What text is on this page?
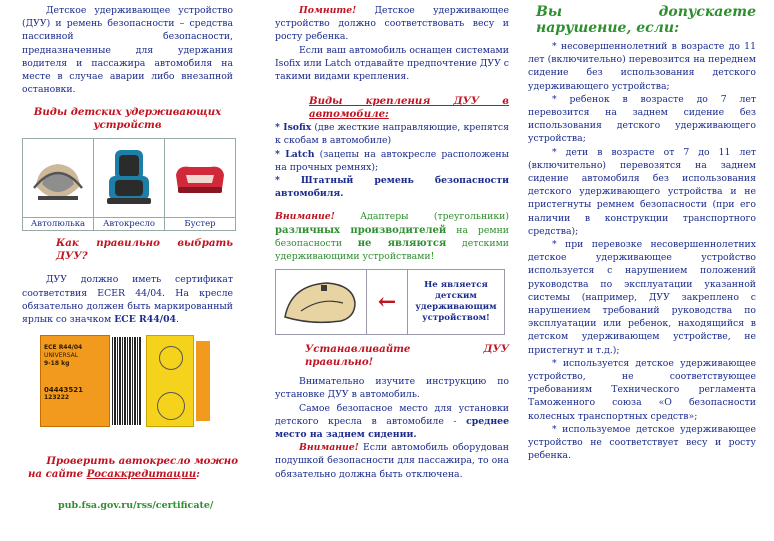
Детское удерживающее устройство (ДУУ) и ремень безопасности – средства пассивной безопасности, предназначенные для удержания водителя и пассажира автомобиля на месте в случае аварии либо внезапной остановки.

Виды детских удерживающих устройств

Автолюлька	Автокресло	Бустер

Как правильно выбрать ДУУ?

ДУУ должно иметь сертификат соответствия ECER 44/04. На кресле обязательно должен быть маркированный ярлык со значком ECE R44/04.

ECE R44/04
UNIVERSAL
9-18 kg
04443521
123222

Проверить автокресло можно

на сайте Росаккредитации:

pub.fsa.gov.ru/rss/certificate/

Помните! Детское удерживающее устройство должно соответствовать весу и росту ребенка.

Если ваш автомобиль оснащен системами Isofix или Latch отдавайте предпочтение ДУУ с такими видами крепления.

Виды крепления ДУУ в автомобиле:

* Isofix (две жесткие направляющие, крепятся к скобам в автомобиле)

* Latch (зацепы на автокресле расположены на прочных ремнях);

* Штатный ремень безопасности автомобиля.

Внимание! Адаптеры (треугольники) различных производителей на ремни безопасности не являются детскими удерживающими устройствами!

←
Не является детским удерживающим устройством!

Устанавливайте ДУУ правильно!

Внимательно изучите инструкцию по установке ДУУ в автомобиль.

Самое безопасное место для установки детского кресла в автомобиле - среднее место на заднем сидении.

Внимание! Если автомобиль оборудован подушкой безопасности для пассажира, то она обязательно должна быть отключена.

Вы допускаете нарушение, если:

* несовершеннолетний в возрасте до 11 лет (включительно) перевозится на переднем сидение без использования детского удерживающего устройства;

* ребенок в возрасте до 7 лет перевозится на заднем сидение без использования детского удерживающего устройства;

* дети в возрасте от 7 до 11 лет (включительно) перевозятся на заднем сидение автомобиля без использования детского удерживающего устройства и не пристегнуты ремнем безопасности (при его наличии в конструкции транспортного средства);

* при перевозке несовершеннолетних детское удерживающее устройство используется с нарушением положений руководства по эксплуатации указанной системы (например, ДУУ закреплено с нарушением требований руководства по эксплуатации или ребенок, находящийся в детском удерживающем устройстве, не пристегнут и т.д.);

* используется детское удерживающее устройство, не соответствующее требованиям Технического регламента Таможенного союза «О безопасности колесных транспортных средств»;

* используемое детское удерживающее устройство не соответствует весу и росту ребенка.
